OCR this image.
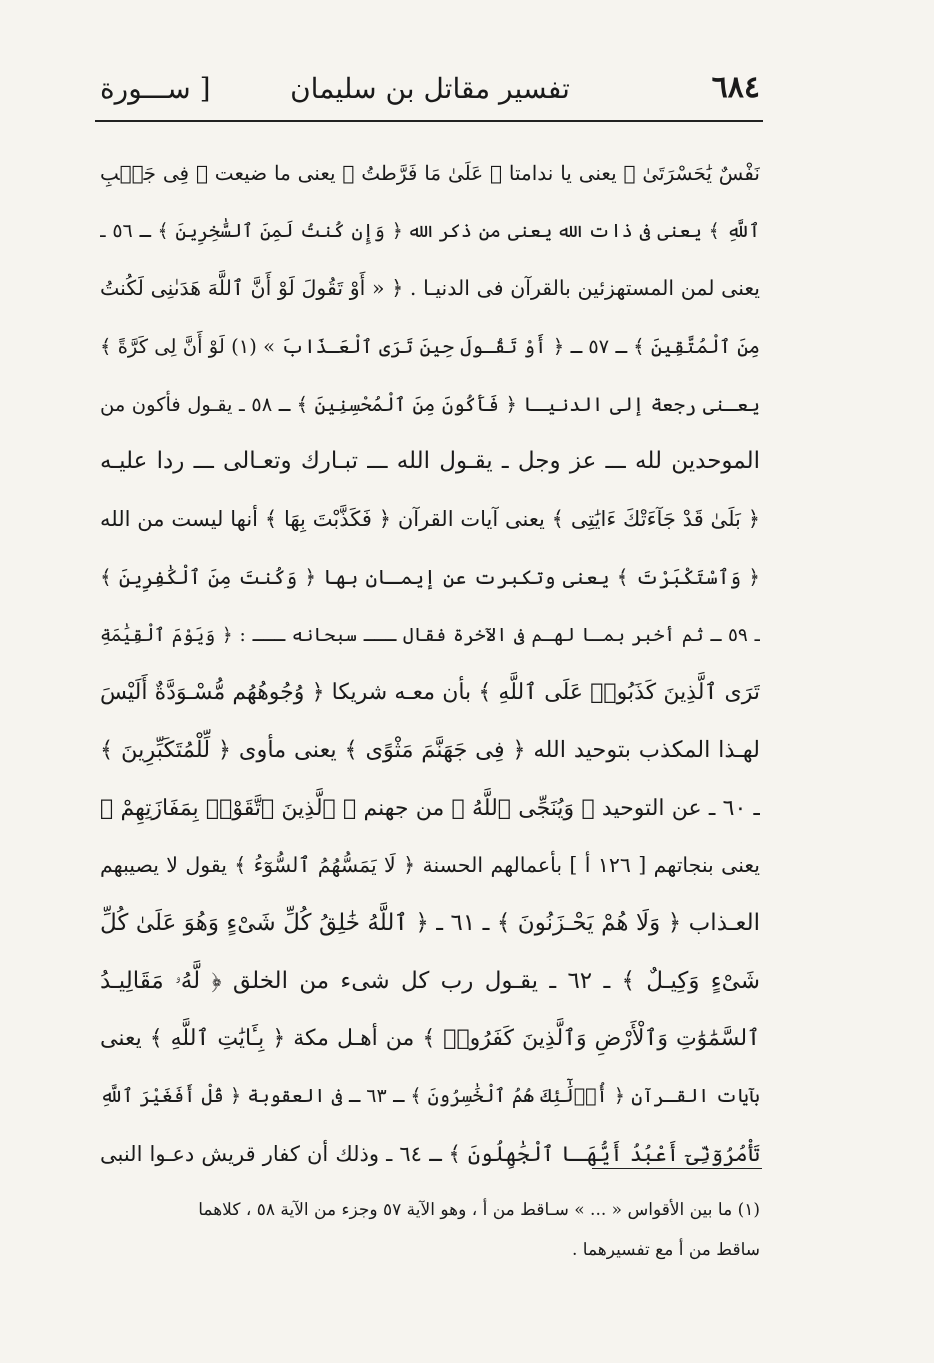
٦٨٤
تفسير مقاتل بن سليمان
[ ســـورة
نَفْسٌ يَٰحَسْرَتَىٰ ﴾ يعنى يا ندامتا ﴿ عَلَىٰ مَا فَرَّطتُ ﴾ يعنى ما ضيعت ﴿ فِى جَنۢبِ
ٱللَّهِ ﴾ يعنى فى ذات الله يعنى من ذكر الله ﴿ وَإِن كُنتُ لَمِنَ ٱلسَّٰخِرِينَ ﴾ ـ ٥٦ ـ
يعنى لمن المستهزئين بالقرآن فى الدنيـا . ﴿ « أَوْ تَقُولَ لَوْ أَنَّ ٱللَّهَ هَدَىٰنِى لَكُنتُ
مِنَ ٱلْمُتَّقِينَ ﴾ ـ ٥٧ ـ ﴿ أَوْ تَقُـولَ حِينَ تَرَى ٱلْعَـذَابَ » (١) لَوْ أَنَّ لِى كَرَّةً ﴾
يعـنى رجعة إلى الدنيـا ﴿ فَأَكُونَ مِنَ ٱلْمُحْسِنِينَ ﴾ ـ ٥٨ ـ يقـول فأكون من
الموحدين لله ـــ عز وجل ـ يقـول الله ـــ تبـارك وتعـالى ـــ ردا عليـه
﴿ بَلَىٰ قَدْ جَآءَتْكَ ءَايَٰتِى ﴾ يعنى آيات القرآن ﴿ فَكَذَّبْتَ بِهَا ﴾ أنها ليست من الله
﴿ وَٱسْتَكْبَرْتَ ﴾ يعنى وتكبرت عن إيمـان بها ﴿ وَكُنتَ مِنَ ٱلْكَٰفِرِينَ ﴾
ـ ٥٩ ـ ثم أخبر بمـا لهـم فى الآخرة فقال ـــ سبحانه ـــ : ﴿ وَيَوْمَ ٱلْقِيَٰمَةِ
تَرَى ٱلَّذِينَ كَذَبُوا۟ عَلَى ٱللَّهِ ﴾ بأن معـه شريكا ﴿ وُجُوهُهُم مُّسْـوَدَّةٌ أَلَيْسَ
لهـذا المكذب بتوحيد الله ﴿ فِى جَهَنَّمَ مَثْوًى ﴾ يعنى مأوى ﴿ لِّلْمُتَكَبِّرِينَ ﴾
ـ ٦٠ ـ عن التوحيد ﴿ وَيُنَجِّى ٱللَّهُ ﴾ من جهنم ﴿ ٱلَّذِينَ ٱتَّقَوْا۟ بِمَفَازَتِهِمْ ﴾
يعنى بنجاتهم [ ١٢٦ أ ] بأعمالهم الحسنة ﴿ لَا يَمَسُّهُمُ ٱلسُّوٓءُ ﴾ يقول لا يصيبهم
العـذاب ﴿ وَلَا هُمْ يَحْـزَنُونَ ﴾ ـ ٦١ ـ ﴿ ٱللَّهُ خَٰلِقُ كُلِّ شَىْءٍ وَهُوَ عَلَىٰ كُلِّ
شَىْءٍ وَكِيـلٌ ﴾ ـ ٦٢ ـ يقـول رب كل شىء من الخلق ﴿ لَّهُۥ مَقَالِيـدُ
ٱلسَّمَٰوَٰتِ وَٱلْأَرْضِ وَٱلَّذِينَ كَفَرُوا۟ ﴾ من أهـل مكة ﴿ بِـَٔايَٰتِ ٱللَّهِ ﴾ يعنى
بآيات القـرآن ﴿ أُو۟لَٰٓئِكَ هُمُ ٱلْخَٰسِرُونَ ﴾ ـ ٦٣ ـ فى العقوبة ﴿ قُلْ أَفَغَيْرَ ٱللَّهِ
تَأْمُرُوٓنِّىٓ أَعْبُدُ أَيُّهَـا ٱلْجَٰهِلُونَ ﴾ ـ ٦٤ ـ وذلك أن كفار قريش دعـوا النبى
(١) ما بين الأقواس « ... » سـاقط من أ ، وهو الآية ٥٧ وجزء من الآية ٥٨ ، كلاهما
ساقط من أ مع تفسيرهما .
